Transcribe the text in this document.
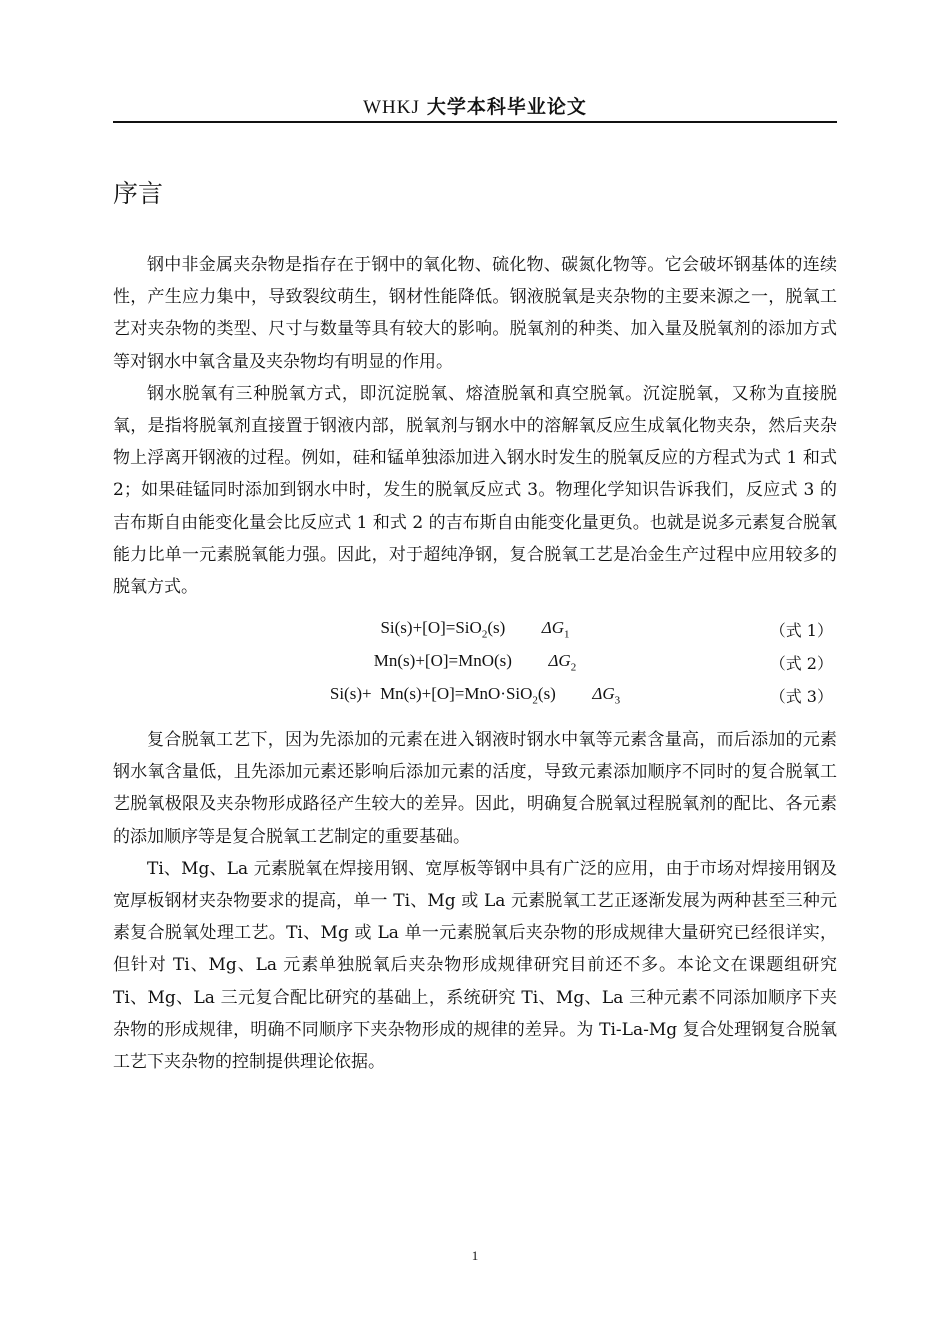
WHKJ 大学本科毕业论文
序言

钢中非金属夹杂物是指存在于钢中的氧化物、硫化物、碳氮化物等。它会破坏钢基体的连续性，产生应力集中，导致裂纹萌生，钢材性能降低。钢液脱氧是夹杂物的主要来源之一，脱氧工艺对夹杂物的类型、尺寸与数量等具有较大的影响。脱氧剂的种类、加入量及脱氧剂的添加方式等对钢水中氧含量及夹杂物均有明显的作用。

钢水脱氧有三种脱氧方式，即沉淀脱氧、熔渣脱氧和真空脱氧。沉淀脱氧，又称为直接脱氧，是指将脱氧剂直接置于钢液内部，脱氧剂与钢水中的溶解氧反应生成氧化物夹杂，然后夹杂物上浮离开钢液的过程。例如，硅和锰单独添加进入钢水时发生的脱氧反应的方程式为式 1 和式 2；如果硅锰同时添加到钢水中时，发生的脱氧反应式 3。物理化学知识告诉我们，反应式 3 的吉布斯自由能变化量会比反应式 1 和式 2 的吉布斯自由能变化量更负。也就是说多元素复合脱氧能力比单一元素脱氧能力强。因此，对于超纯净钢，复合脱氧工艺是冶金生产过程中应用较多的脱氧方式。

Si(s)+[O]=SiO$_2$(s) $\Delta G_1$	（式 1）
Mn(s)+[O]=MnO(s) $\Delta G_2$	（式 2）
Si(s)+  Mn(s)+[O]=MnO·SiO$_2$(s) $\Delta G_3$	（式 3）

复合脱氧工艺下，因为先添加的元素在进入钢液时钢水中氧等元素含量高，而后添加的元素钢水氧含量低，且先添加元素还影响后添加元素的活度，导致元素添加顺序不同时的复合脱氧工艺脱氧极限及夹杂物形成路径产生较大的差异。因此，明确复合脱氧过程脱氧剂的配比、各元素的添加顺序等是复合脱氧工艺制定的重要基础。

Ti、Mg、La 元素脱氧在焊接用钢、宽厚板等钢中具有广泛的应用，由于市场对焊接用钢及宽厚板钢材夹杂物要求的提高，单一 Ti、Mg 或 La 元素脱氧工艺正逐渐发展为两种甚至三种元素复合脱氧处理工艺。Ti、Mg 或 La 单一元素脱氧后夹杂物的形成规律大量研究已经很详实，但针对 Ti、Mg、La 元素单独脱氧后夹杂物形成规律研究目前还不多。本论文在课题组研究 Ti、Mg、La 三元复合配比研究的基础上，系统研究 Ti、Mg、La 三种元素不同添加顺序下夹杂物的形成规律，明确不同顺序下夹杂物形成的规律的差异。为 Ti-La-Mg 复合处理钢复合脱氧工艺下夹杂物的控制提供理论依据。

1
